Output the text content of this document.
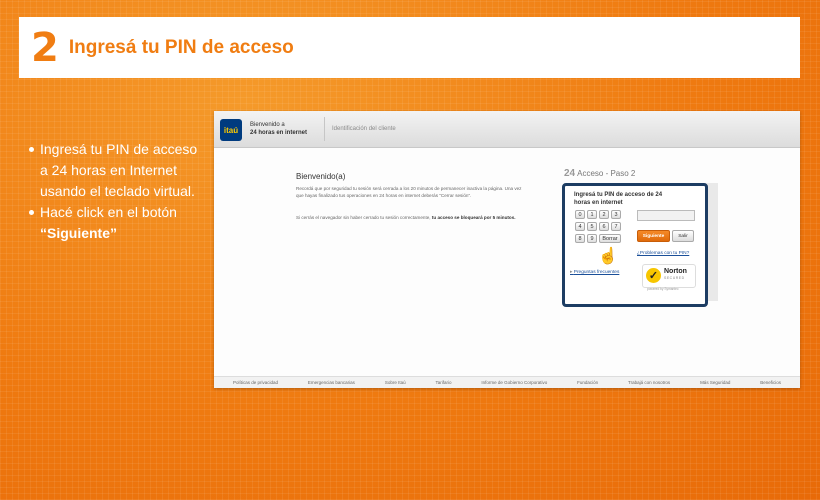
2 Ingresá tu PIN de acceso
Ingresá tu PIN de acceso a 24 horas en Internet usando el teclado virtual.
Hacé click en el botón “Siguiente”
itaú
Bienvenido a
24 horas en internet
Identificación del cliente
Bienvenido(a)
Recordá que por seguridad tu sesión será cerrada a los 20 minutos de permanecer inactiva la página. Una vez que hayas finalizado tus operaciones en 24 horas en internet deberás "Cerrar sesión".
Si cerrás el navegador sin haber cerrado tu sesión correctamente, tu acceso se bloqueará por 5 minutos.
24 Acceso - Paso 2
Ingresá tu PIN de acceso de 24 horas en internet
0	1	2	3
4	5	6	7
8	9	Borrar	Siguiente	Salir
¿Problemas con tu PIN?
▸ Preguntas frecuentes	✓ Norton
SECURED
powered by Symantec
☝
Políticas de privacidad	Emergencias bancarias	Sobre Itaú	Tarifario	Informe de Gobierno Corporativo	Fundación	Trabajá con nosotros	Más Seguridad	Beneficios
